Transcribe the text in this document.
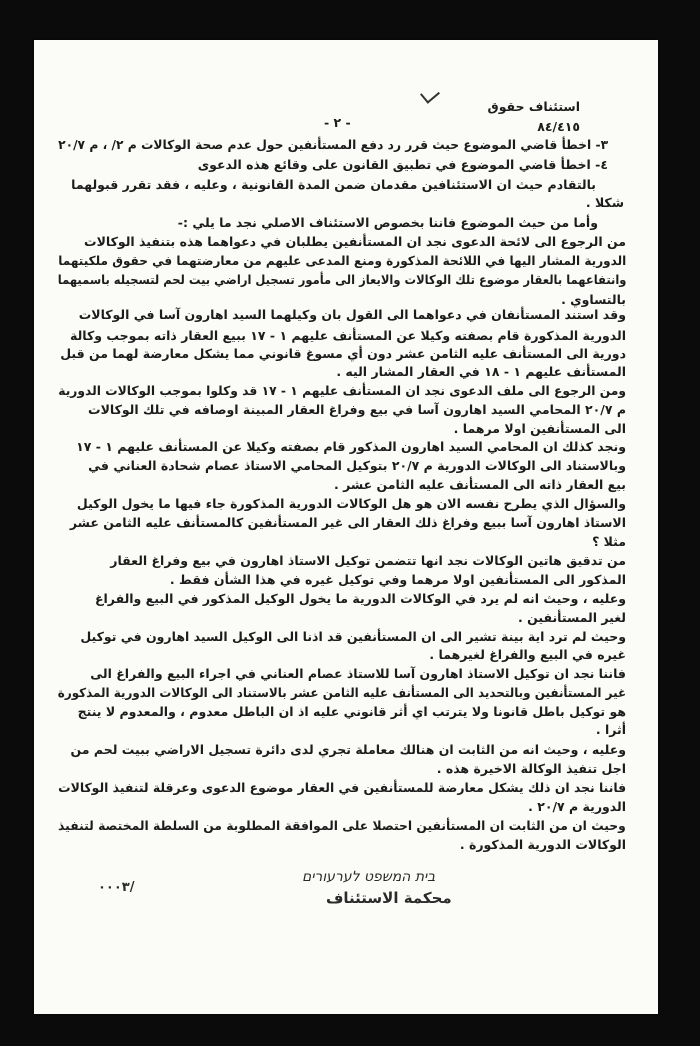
استئناف حقوق
٨٤/٤١٥
- ٢ -
٣- اخطأ قاضي الموضوع حيث قرر رد دفع المستأنفين حول عدم صحة الوكالات م ٢/ ، م ٢٠/٧
٤- اخطأ قاضي الموضوع في تطبيق القانون على وقائع هذه الدعوى
بالتقادم حيث ان الاستئنافين مقدمان ضمن المدة القانونية ، وعليه ، فقد تقرر قبولهما
شكلا .
وأما من حيث الموضوع فاننا بخصوص الاستئناف الاصلي نجد ما يلي :-
من الرجوع الى لائحة الدعوى نجد ان المستأنفين يطلبان في دعواهما هذه بتنفيذ الوكالات
الدورية المشار اليها في اللائحة المذكورة ومنع المدعى عليهم من معارضتهما في حقوق ملكيتهما
وانتفاعهما بالعقار موضوع تلك الوكالات والايعاز الى مأمور تسجيل اراضي بيت لحم لتسجيله باسميهما
بالتساوي .
وقد استند المستأنفان في دعواهما الى القول بان وكيلهما السيد اهارون آسا في الوكالات
الدورية المذكورة قام بصفته وكيلا عن المستأنف عليهم ١ - ١٧ ببيع العقار ذاته بموجب وكالة
دورية الى المستأنف عليه الثامن عشر دون أي مسوغ قانوني مما يشكل معارضة لهما من قبل
المستأنف عليهم ١ - ١٨ في العقار المشار اليه .
ومن الرجوع الى ملف الدعوى نجد ان المستأنف عليهم ١ - ١٧ قد وكلوا بموجب الوكالات الدورية
م ٢٠/٧ المحامي السيد اهارون آسا في بيع وفراغ العقار المبينة اوصافه في تلك الوكالات
الى المستأنفين اولا مرهما .
ونجد كذلك ان المحامي السيد اهارون المذكور قام بصفته وكيلا عن المستأنف عليهم ١ - ١٧
وبالاستناد الى الوكالات الدورية م ٢٠/٧ بتوكيل المحامي الاستاذ عصام شحادة العناني في
بيع العقار ذاته الى المستأنف عليه الثامن عشر .
والسؤال الذي يطرح نفسه الان هو هل الوكالات الدورية المذكورة جاء فيها ما يخول الوكيل
الاستاذ اهارون آسا ببيع وفراغ ذلك العقار الى غير المستأنفين كالمستأنف عليه الثامن عشر
مثلا ؟
من تدقيق هاتين الوكالات نجد انها تتضمن توكيل الاستاذ اهارون في بيع وفراغ العقار
المذكور الى المستأنفين اولا مرهما وفي توكيل غيره في هذا الشأن فقط .
وعليه ، وحيث انه لم يرد في الوكالات الدورية ما يخول الوكيل المذكور في البيع والفراغ
لغير المستأنفين .
وحيث لم ترد اية بينة تشير الى ان المستأنفين قد اذنا الى الوكيل السيد اهارون في توكيل
غيره في البيع والفراغ لغيرهما .
فاننا نجد ان توكيل الاستاذ اهارون آسا للاستاذ عصام العناني في اجراء البيع والفراغ الى
غير المستأنفين وبالتحديد الى المستأنف عليه الثامن عشر بالاستناد الى الوكالات الدورية المذكورة
هو توكيل باطل قانونا ولا يترتب اي أثر قانوني عليه اذ ان الباطل معدوم ، والمعدوم لا ينتج
أثرا .
وعليه ، وحيث انه من الثابت ان هنالك معاملة تجري لدى دائرة تسجيل الاراضي ببيت لحم من
اجل تنفيذ الوكالة الاخيرة هذه .
فاننا نجد ان ذلك يشكل معارضة للمستأنفين في العقار موضوع الدعوى وعرقلة لتنفيذ الوكالات
الدورية م ٢٠/٧ .
وحيث ان من الثابت ان المستأنفين احتصلا على الموافقة المطلوبة من السلطة المختصة لتنفيذ
الوكالات الدورية المذكورة .
/٠٠٠٣
בית המשפט לערעורים
محكمة الاستئناف
